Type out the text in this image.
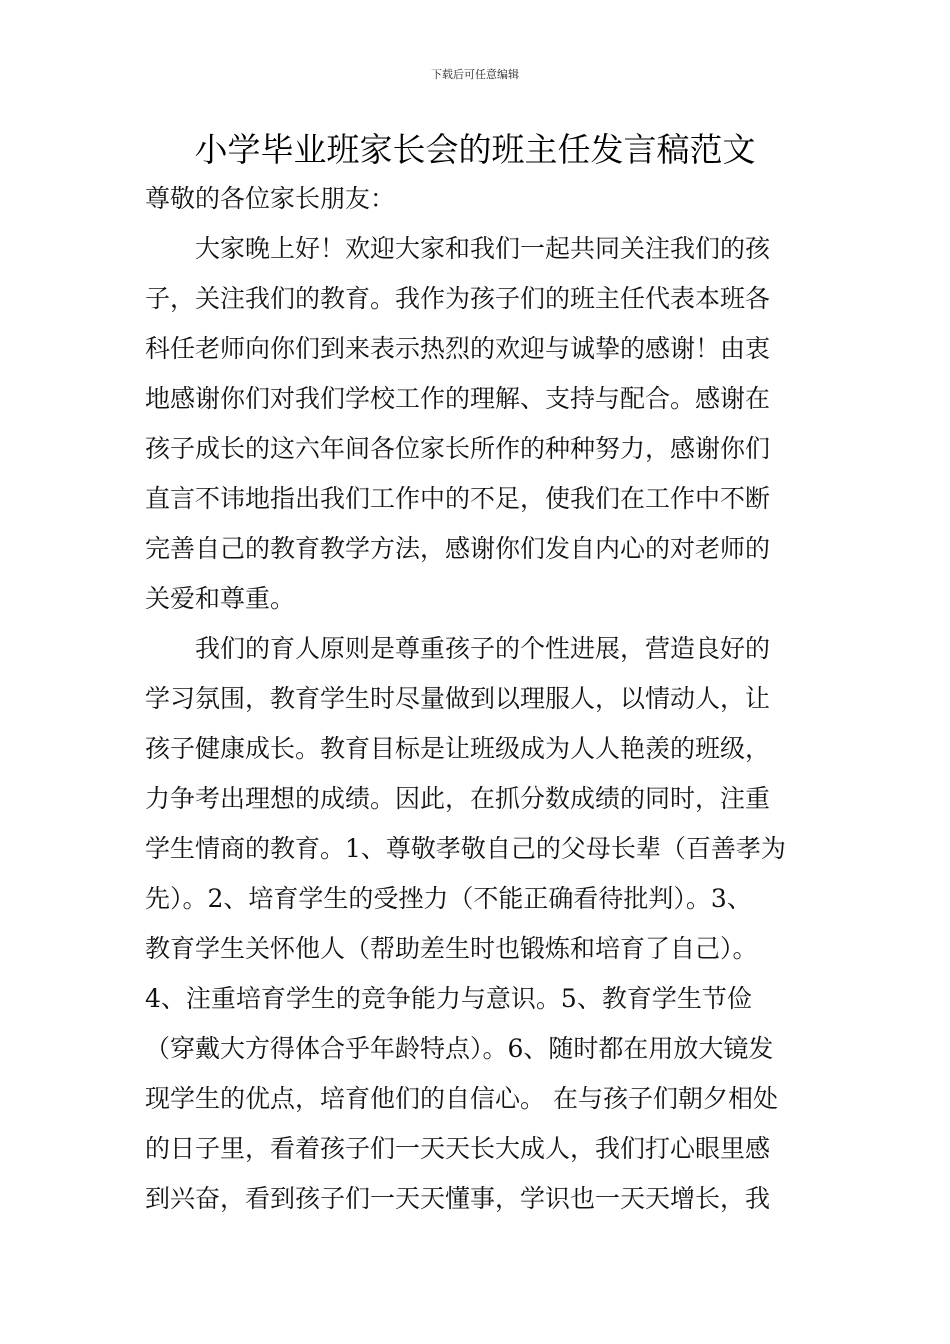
下载后可任意编辑
小学毕业班家长会的班主任发言稿范文
尊敬的各位家长朋友：
　　大家晚上好！欢迎大家和我们一起共同关注我们的孩
子，关注我们的教育。我作为孩子们的班主任代表本班各
科任老师向你们到来表示热烈的欢迎与诚挚的感谢！由衷
地感谢你们对我们学校工作的理解、支持与配合。感谢在
孩子成长的这六年间各位家长所作的种种努力，感谢你们
直言不讳地指出我们工作中的不足，使我们在工作中不断
完善自己的教育教学方法，感谢你们发自内心的对老师的
关爱和尊重。
　　我们的育人原则是尊重孩子的个性进展，营造良好的
学习氛围，教育学生时尽量做到以理服人，以情动人，让
孩子健康成长。教育目标是让班级成为人人艳羡的班级，
力争考出理想的成绩。因此，在抓分数成绩的同时，注重
学生情商的教育。1、尊敬孝敬自己的父母长辈（百善孝为
先）。2、培育学生的受挫力（不能正确看待批判）。3、
教育学生关怀他人（帮助差生时也锻炼和培育了自己）。
4、注重培育学生的竞争能力与意识。5、教育学生节俭
（穿戴大方得体合乎年龄特点）。6、随时都在用放大镜发
现学生的优点，培育他们的自信心。 在与孩子们朝夕相处
的日子里，看着孩子们一天天长大成人，我们打心眼里感
到兴奋，看到孩子们一天天懂事，学识也一天天增长，我
